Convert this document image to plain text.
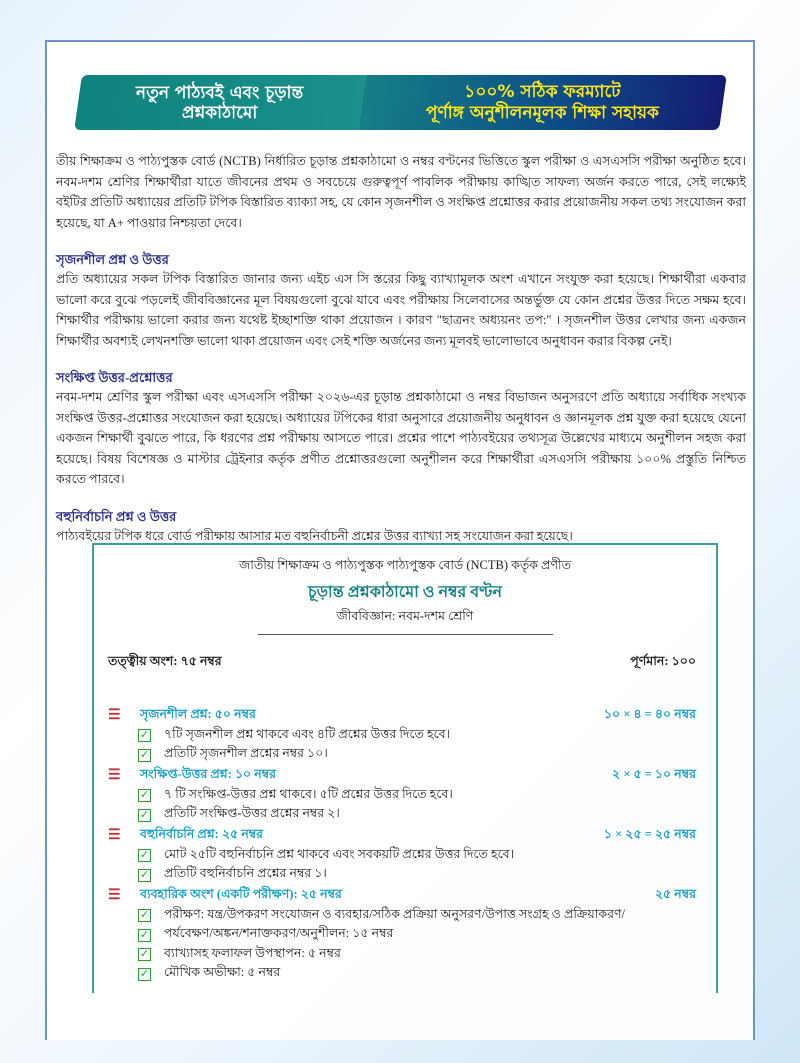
নতুন পাঠ্যবই এবং চূড়ান্ত
প্রশ্নকাঠামো
১০০% সঠিক ফরম্যাটে
পূর্ণাঙ্গ অনুশীলনমূলক শিক্ষা সহায়ক

তীয় শিক্ষাক্রম ও পাঠ্যপুস্তক বোর্ড (NCTB) নির্ধারিত চূড়ান্ত প্রশ্নকাঠামো ও নম্বর বণ্টনের ভিত্তিতে স্কুল পরীক্ষা ও এসএসসি পরীক্ষা অনুষ্ঠিত হবে। নবম-দশম শ্রেণির শিক্ষার্থীরা যাতে জীবনের প্রথম ও সবচেয়ে গুরুত্বপূর্ণ পাবলিক পরীক্ষায় কাঙ্খিত সাফল্য অর্জন করতে পারে, সেই লক্ষ্যেই বইটির প্রতিটি অধ্যায়ের প্রতিটি টপিক বিস্তারিত ব্যাক্যা সহ, যে কোন সৃজনশীল ও সংক্ষিপ্ত প্রশ্নোত্তর করার প্রয়োজনীয় সকল তথ্য সংযোজন করা হয়েছে, যা A+ পাওয়ার নিশ্চয়তা দেবে।

সৃজনশীল প্রশ্ন ও উত্তর

প্রতি অধ্যায়ের সকল টপিক বিস্তারিত জানার জন্য এইচ এস সি স্তরের কিছু ব্যাখ্যামূলক অংশ এখানে সংযুক্ত করা হয়েছে। শিক্ষার্থীরা একবার ভালো করে বুঝে পড়লেই জীববিজ্ঞানের মূল বিষয়গুলো বুঝে যাবে এবং পরীক্ষায় সিলেবাসের অন্তর্ভুক্ত যে কোন প্রশ্নের উত্তর দিতে সক্ষম হবে। শিক্ষার্থীর পরীক্ষায় ভালো করার জন্য যথেষ্ট ইচ্ছাশক্তি থাকা প্রয়োজন । কারণ "ছাত্রনং অধ্যয়নং তপ:" । সৃজনশীল উত্তর লেখার জন্য একজন শিক্ষার্থীর অবশ্যই লেখনশক্তি ভালো থাকা প্রয়োজন এবং সেই শক্তি অর্জনের জন্য মূলবই ভালোভাবে অনুধাবন করার বিকল্প নেই।

সংক্ষিপ্ত উত্তর-প্রশ্নোত্তর

নবম-দশম শ্রেণির স্কুল পরীক্ষা এবং এসএসসি পরীক্ষা ২০২৬-এর চূড়ান্ত প্রশ্নকাঠামো ও নম্বর বিভাজন অনুসরণে প্রতি অধ্যায়ে সর্বাধিক সংখ্যক সংক্ষিপ্ত উত্তর-প্রশ্নোত্তর সংযোজন করা হয়েছে। অধ্যায়ের টপিকের ধারা অনুসারে প্রয়োজনীয় অনুধাবন ও জ্ঞানমূলক প্রশ্ন যুক্ত করা হয়েছে যেনো একজন শিক্ষার্থী বুঝতে পারে, কি ধরণের প্রশ্ন পরীক্ষায় আসতে পারে। প্রশ্নের পাশে পাঠ্যবইয়ের তথ্যসূত্র উল্লেখের মাধ্যমে অনুশীলন সহজ করা হয়েছে। বিষয় বিশেষজ্ঞ ও মাস্টার ট্রেইনার কর্তৃক প্রণীত প্রশ্নোত্তরগুলো অনুশীলন করে শিক্ষার্থীরা এসএসসি পরীক্ষায় ১০০% প্রস্তুতি নিশ্চিত করতে পারবে।

বহুনির্বাচনি প্রশ্ন ও উত্তর

পাঠ্যবইয়ের টপিক ধরে বোর্ড পরীক্ষায় আসার মত বহুনির্বাচনী প্রশ্নের উত্তর ব্যাখ্যা সহ সংযোজন করা হয়েছে।

জাতীয় শিক্ষাক্রম ও পাঠ্যপুস্তক পাঠ্যপুস্তক বোর্ড (NCTB) কর্তৃক প্রণীত
চূড়ান্ত প্রশ্নকাঠামো ও নম্বর বণ্টন
জীববিজ্ঞান: নবম-দশম শ্রেণি
তত্ত্বীয় অংশ: ৭৫ নম্বর	পূর্ণমান: ১০০
☰	সৃজনশীল প্রশ্ন: ৫০ নম্বর	১০ × ৪ = ৪০ নম্বর
✓ ৭টি সৃজনশীল প্রশ্ন থাকবে এবং ৪টি প্রশ্নের উত্তর দিতে হবে।
✓ প্রতিটি সৃজনশীল প্রশ্নের নম্বর ১০।
☰	সংক্ষিপ্ত-উত্তর প্রশ্ন: ১০ নম্বর	২ × ৫ = ১০ নম্বর
✓ ৭ টি সংক্ষিপ্ত-উত্তর প্রশ্ন থাকবে। ৫টি প্রশ্নের উত্তর দিতে হবে।
✓ প্রতিটি সংক্ষিপ্ত-উত্তর প্রশ্নের নম্বর ২।
☰	বহুনির্বাচনি প্রশ্ন: ২৫ নম্বর	১ × ২৫ = ২৫ নম্বর
✓ মোট ২৫টি বহুনির্বাচনি প্রশ্ন থাকবে এবং সবকয়টি প্রশ্নের উত্তর দিতে হবে।
✓ প্রতিটি বহুনির্বাচনি প্রশ্নের নম্বর ১।
☰	ব্যবহারিক অংশ (একটি পরীক্ষণ): ২৫ নম্বর	২৫ নম্বর
✓ পরীক্ষণ: যন্ত্র/উপকরণ সংযোজন ও ব্যবহার/সঠিক প্রক্রিয়া অনুসরণ/উপাত্ত সংগ্রহ ও প্রক্রিয়াকরণ/
✓ পর্যবেক্ষণ/অঙ্কন/শনাক্তকরণ/অনুশীলন: ১৫ নম্বর
✓ ব্যাখ্যাসহ ফলাফল উপস্থাপন: ৫ নম্বর
✓ মৌখিক অভীক্ষা: ৫ নম্বর
